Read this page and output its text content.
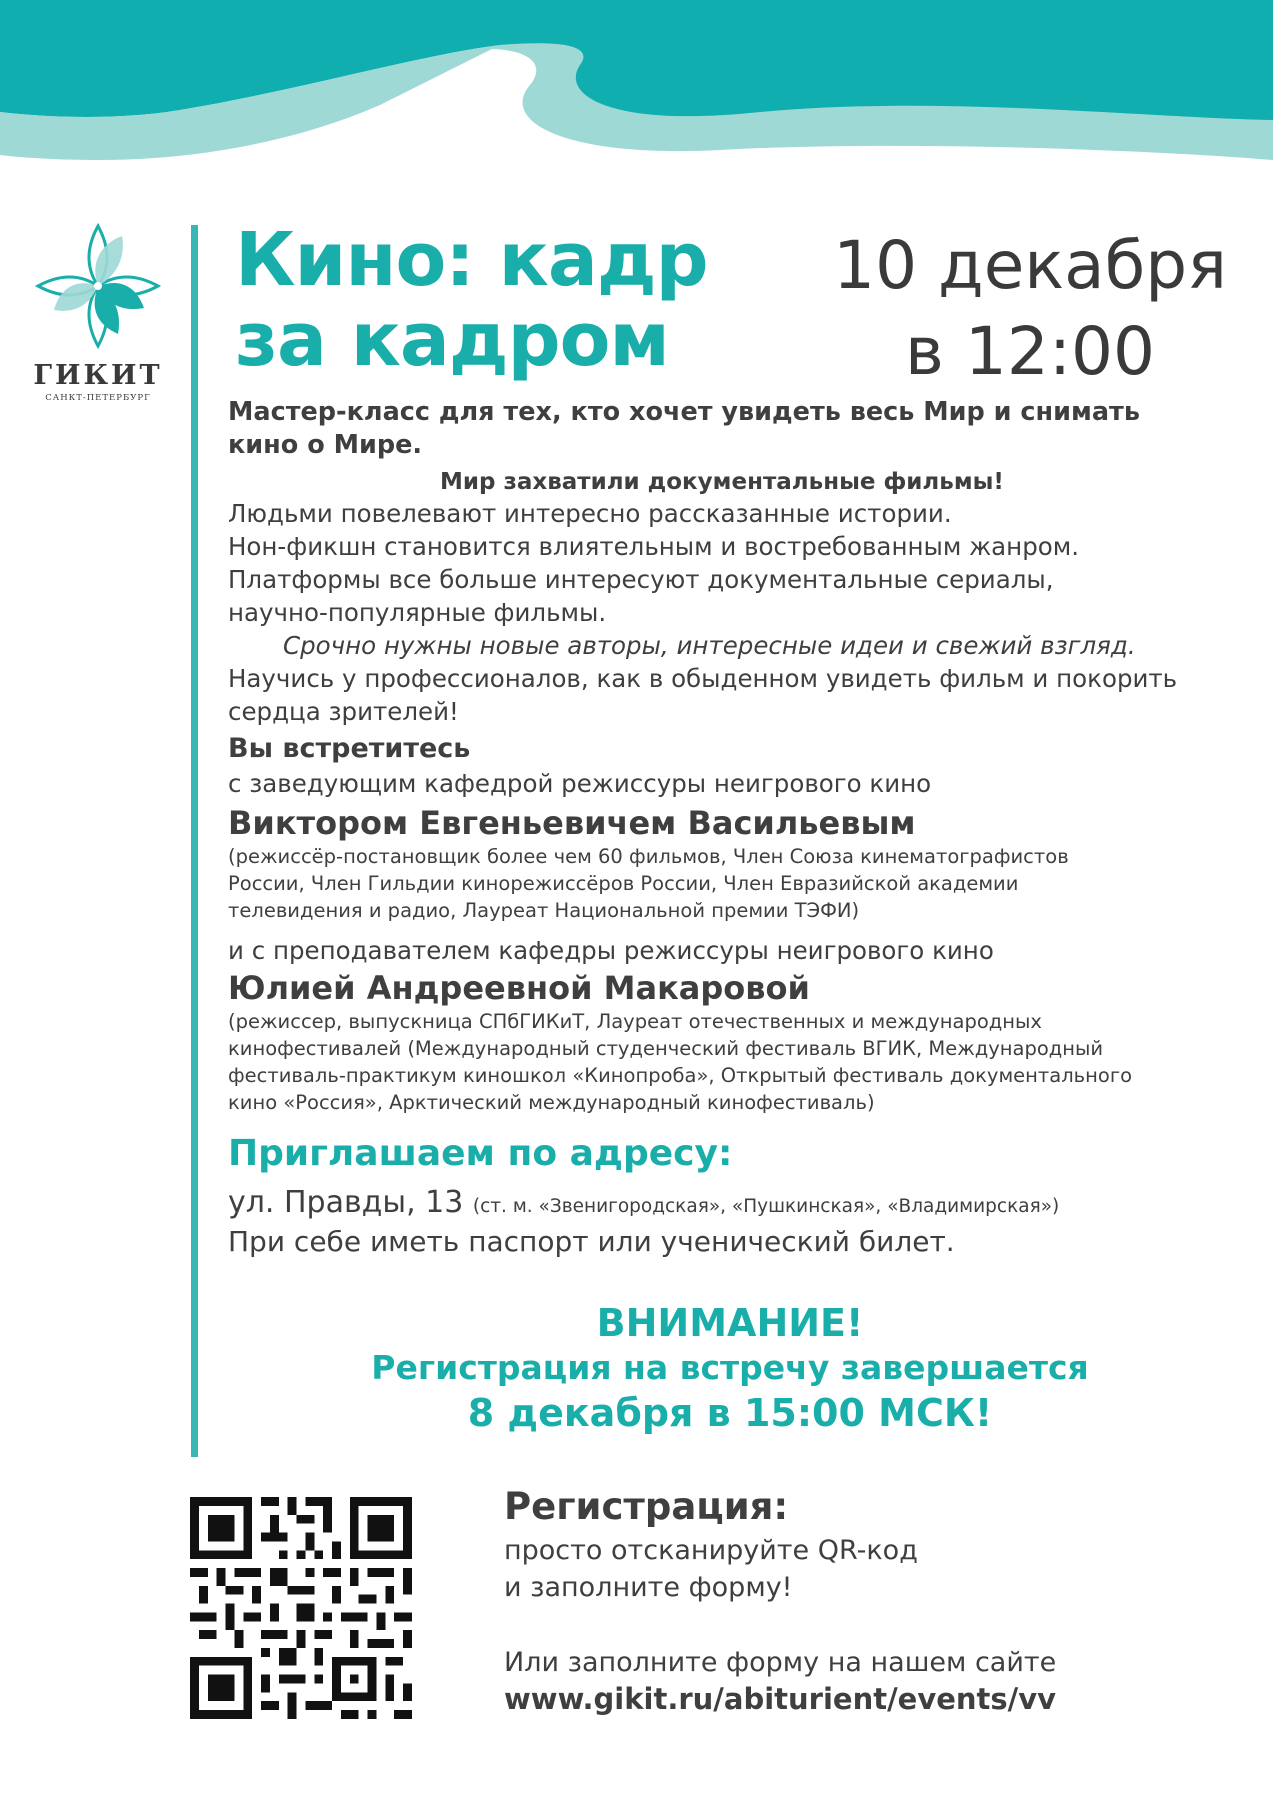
ГИКИТ
САНКТ-ПЕТЕРБУРГ
Кино: кадр
за кадром
10 декабря
в 12:00
Мастер-класс для тех, кто хочет увидеть весь Мир и снимать
кино о Мире.
Мир захватили документальные фильмы!
Людьми повелевают интересно рассказанные истории.
Нон-фикшн становится влиятельным и востребованным жанром.
Платформы все больше интересуют документальные сериалы,
научно-популярные фильмы.
Срочно нужны новые авторы, интересные идеи и свежий взгляд.
Научись у профессионалов, как в обыденном увидеть фильм и покорить
сердца зрителей!
Вы встретитесь
с заведующим кафедрой режиссуры неигрового кино
Виктором Евгеньевичем Васильевым
(режиссёр-постановщик более чем 60 фильмов, Член Союза кинематографистов
России, Член Гильдии кинорежиссёров России, Член Евразийской академии
телевидения и радио, Лауреат Национальной премии ТЭФИ)
и с преподавателем кафедры режиссуры неигрового кино
Юлией Андреевной Макаровой
(режиссер, выпускница СПбГИКиТ, Лауреат отечественных и международных
кинофестивалей (Международный студенческий фестиваль ВГИК, Международный
фестиваль-практикум киношкол «Кинопроба», Открытый фестиваль документального
кино «Россия», Арктический международный кинофестиваль)
Приглашаем по адресу:
ул. Правды, 13 (ст. м. «Звенигородская», «Пушкинская», «Владимирская»)
При себе иметь паспорт или ученический билет.
ВНИМАНИЕ!
Регистрация на встречу завершается
8 декабря в 15:00 МСК!
Регистрация:
просто отсканируйте QR-код
и заполните форму!
Или заполните форму на нашем сайте
www.gikit.ru/abiturient/events/vv
